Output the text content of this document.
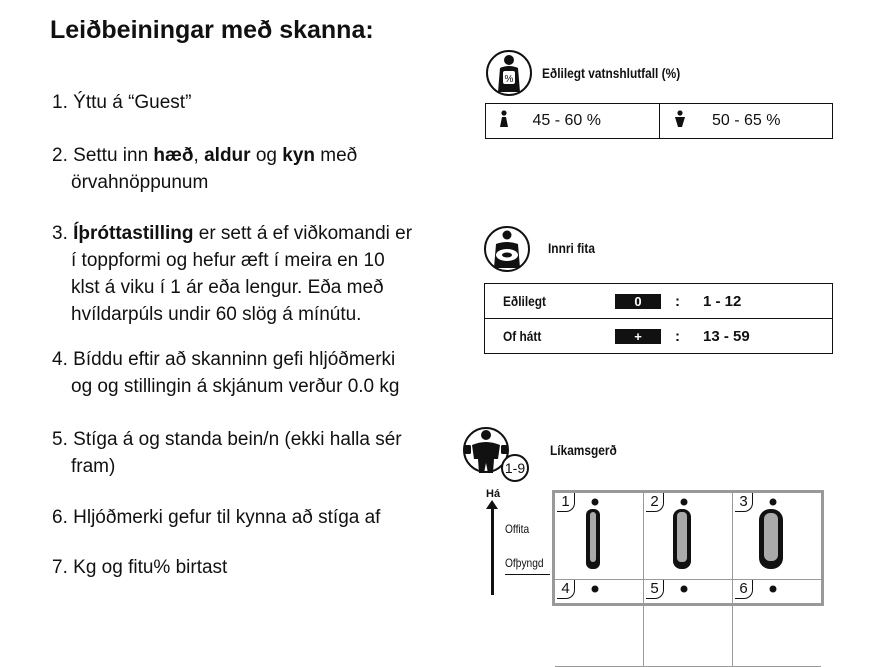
Leiðbeiningar með skanna:
1. Ýttu á “Guest”
2. Settu inn hæð, aldur og kyn með
örvahnöppunum
3. Íþróttastilling er sett á ef viðkomandi er
í toppformi og hefur æft í meira en 10
klst á viku í 1 ár eða lengur. Eða með
hvíldarpúls undir 60 slög á mínútu.
4. Bíddu eftir að skanninn gefi hljóðmerki
og og stillingin á skjánum verður 0.0 kg
5. Stíga á og standa bein/n (ekki halla sér
fram)
6. Hljóðmerki gefur til kynna að stíga af
7. Kg og fitu% birtast
% Eðlilegt vatnshlutfall (%)
45 - 60 %	50 - 65 %
Innri fita
Eðlilegt	0	:	1 - 12
Of hátt	+	:	13 - 59
1-9
Líkamsgerð
Há
Offita
Ofþyngd
1	2	3
4	5	6
